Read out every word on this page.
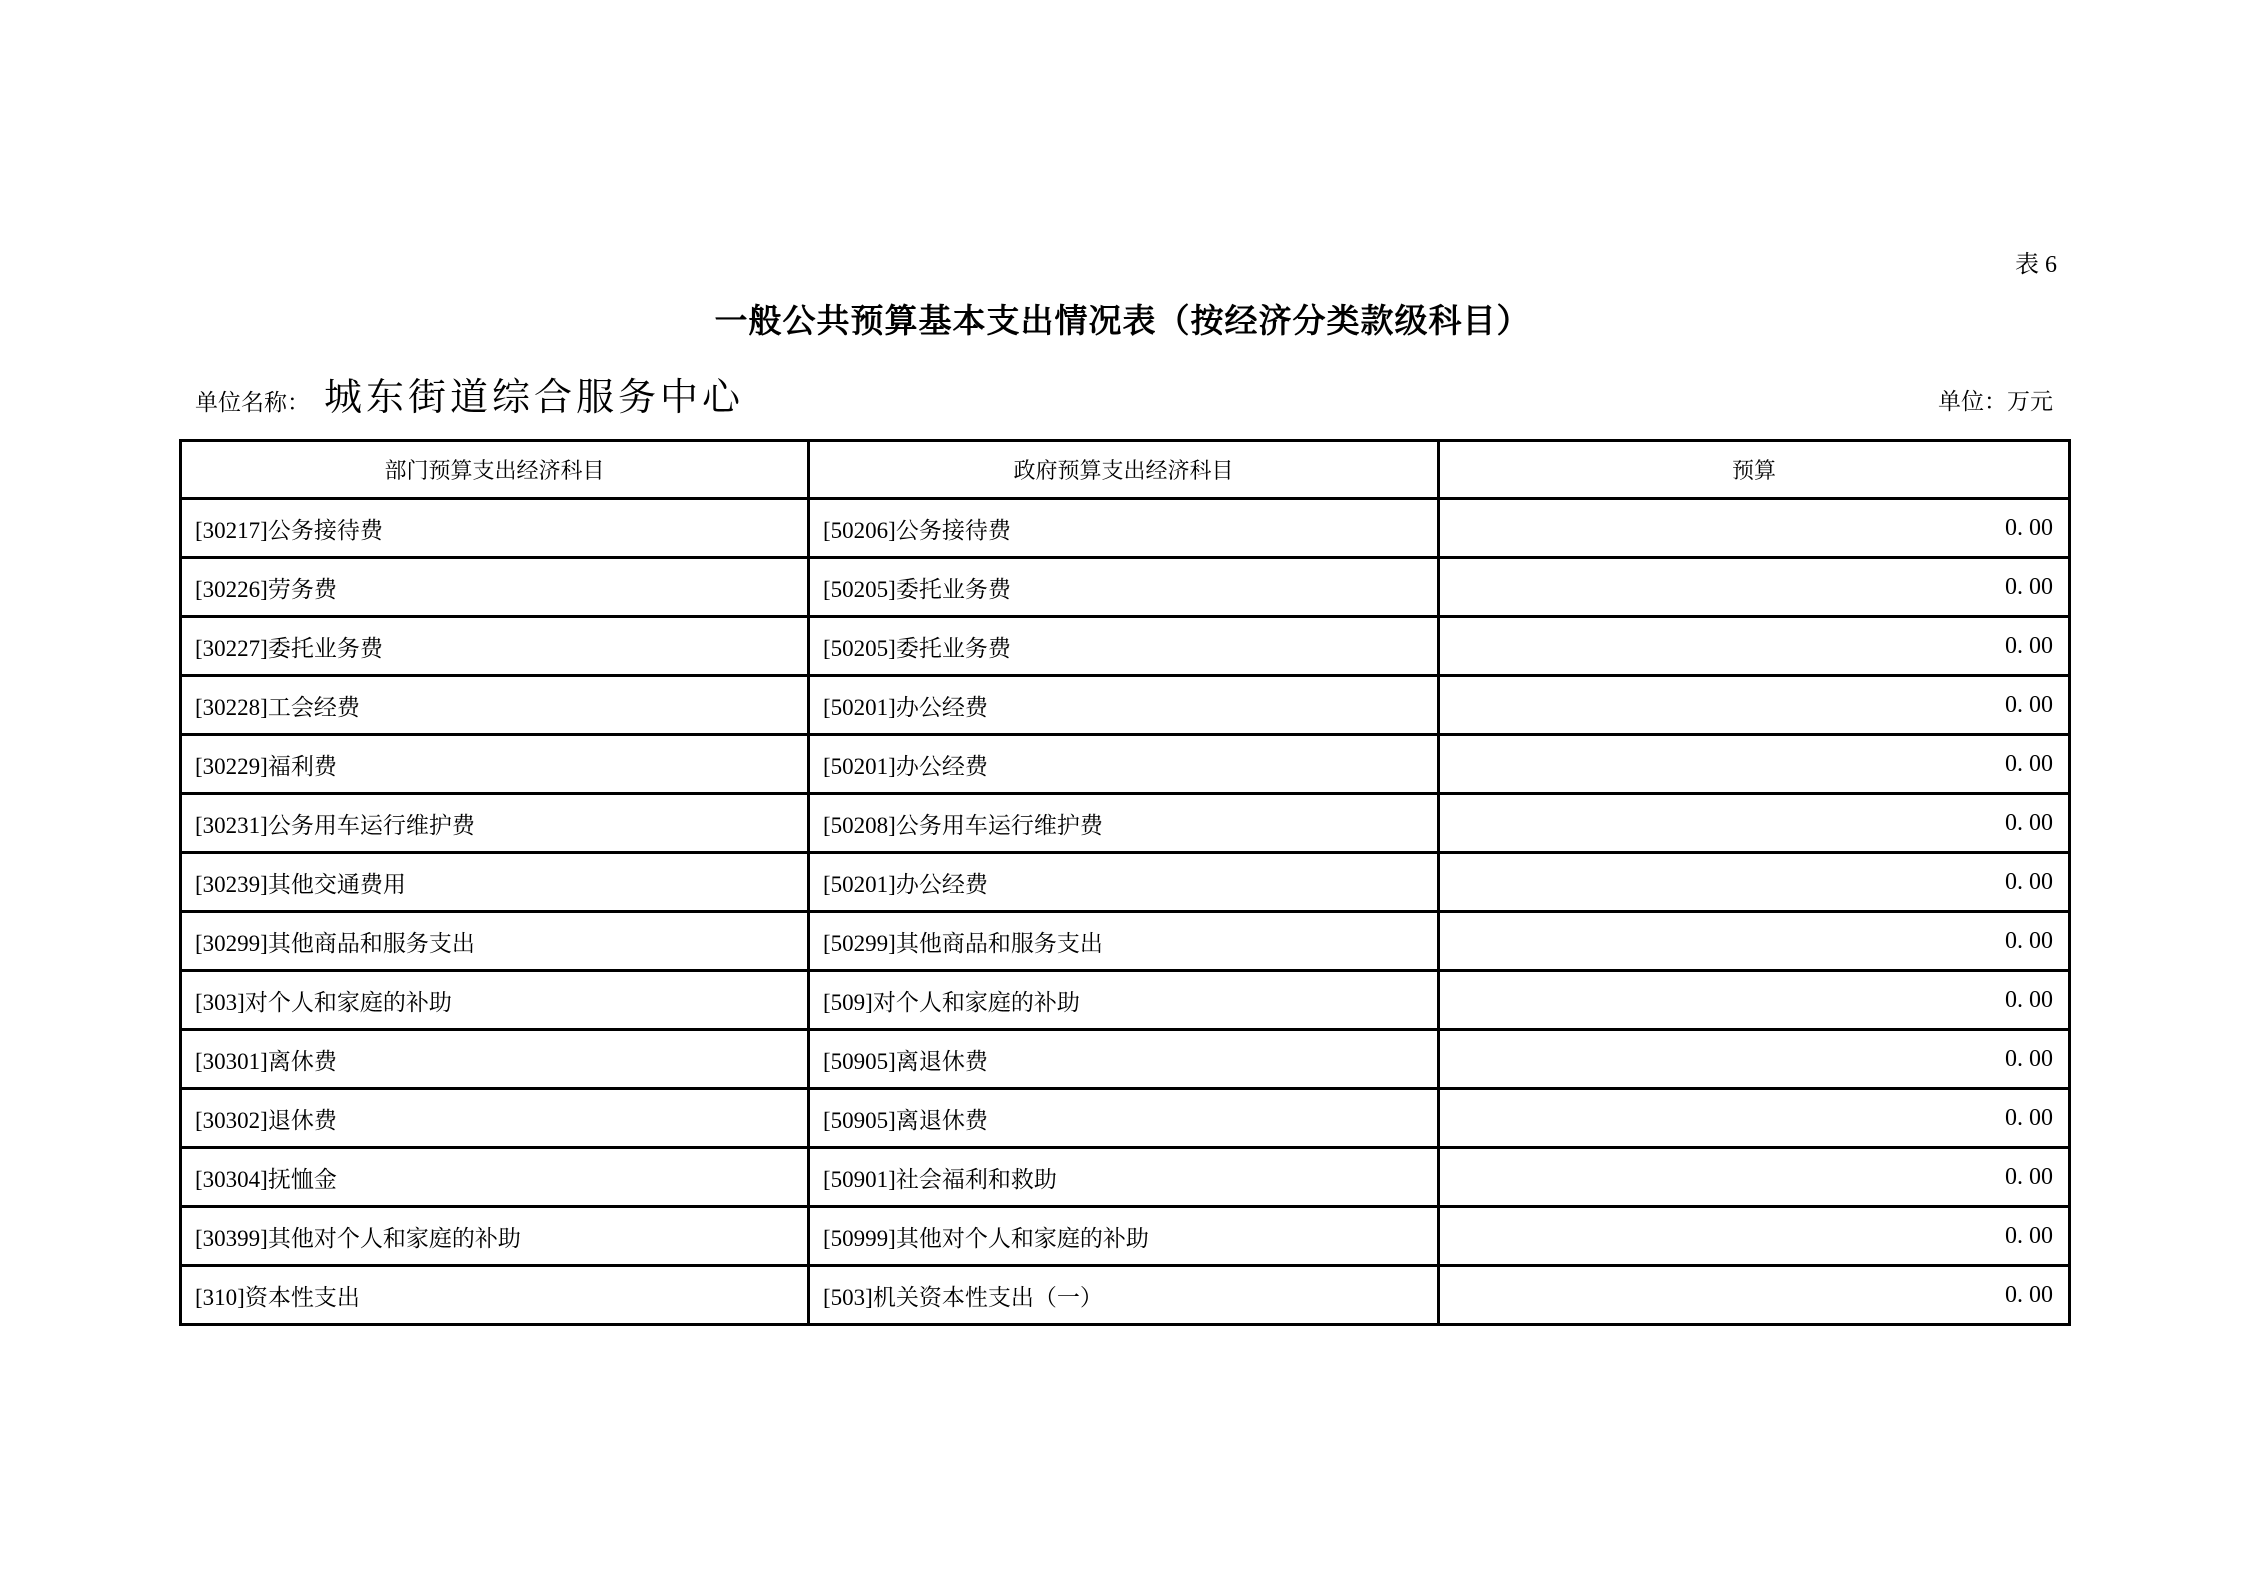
表 6
一般公共预算基本支出情况表（按经济分类款级科目）
单位名称： 城东街道综合服务中心	单位：万元
部门预算支出经济科目	政府预算支出经济科目	预算
[30217]公务接待费	[50206]公务接待费	0. 00
[30226]劳务费	[50205]委托业务费	0. 00
[30227]委托业务费	[50205]委托业务费	0. 00
[30228]工会经费	[50201]办公经费	0. 00
[30229]福利费	[50201]办公经费	0. 00
[30231]公务用车运行维护费	[50208]公务用车运行维护费	0. 00
[30239]其他交通费用	[50201]办公经费	0. 00
[30299]其他商品和服务支出	[50299]其他商品和服务支出	0. 00
[303]对个人和家庭的补助	[509]对个人和家庭的补助	0. 00
[30301]离休费	[50905]离退休费	0. 00
[30302]退休费	[50905]离退休费	0. 00
[30304]抚恤金	[50901]社会福利和救助	0. 00
[30399]其他对个人和家庭的补助	[50999]其他对个人和家庭的补助	0. 00
[310]资本性支出	[503]机关资本性支出（一）	0. 00
